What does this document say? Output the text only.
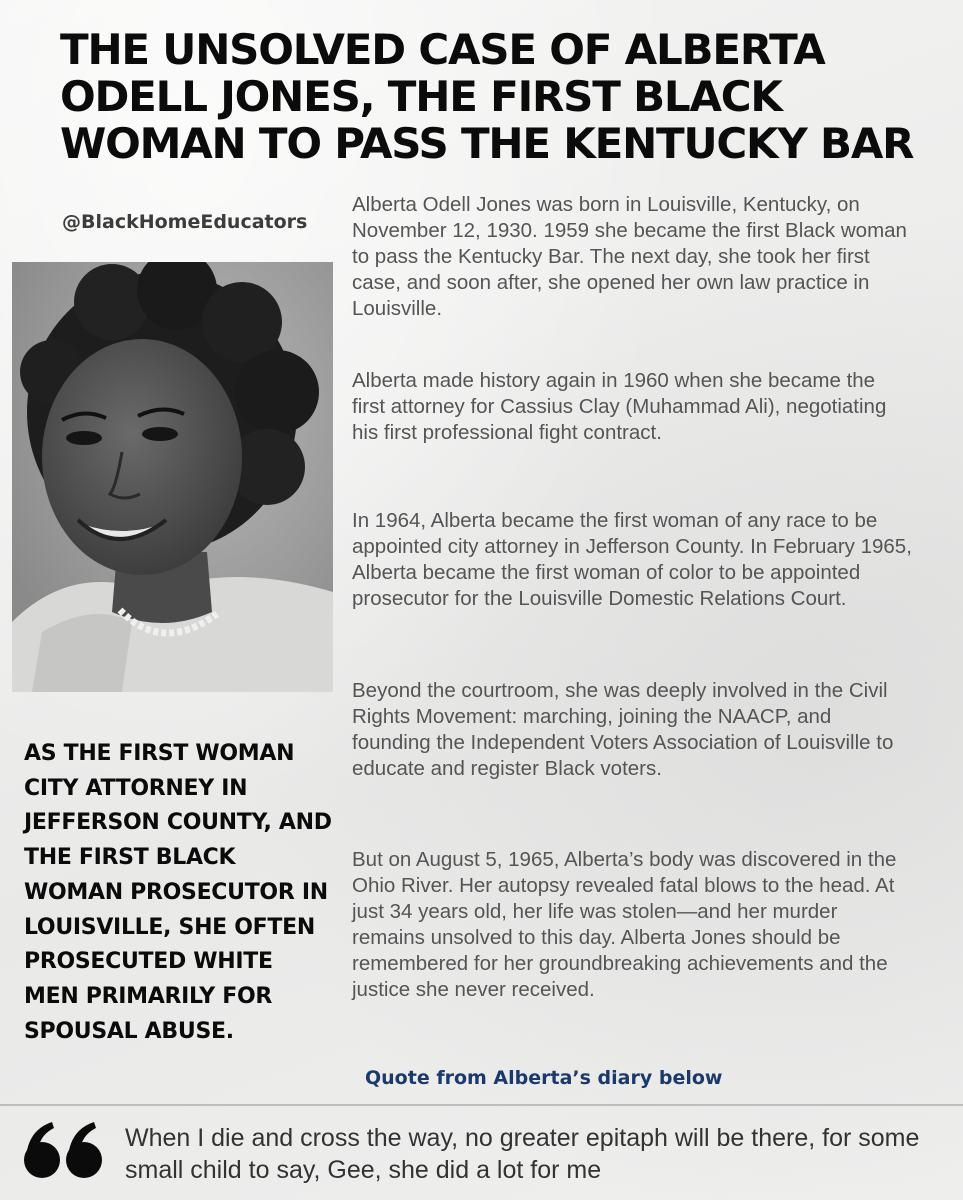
THE UNSOLVED CASE OF ALBERTA ODELL JONES, THE FIRST BLACK WOMAN TO PASS THE KENTUCKY BAR
@BlackHomeEducators

AS THE FIRST WOMAN CITY ATTORNEY IN JEFFERSON COUNTY, AND THE FIRST BLACK WOMAN PROSECUTOR IN LOUISVILLE, SHE OFTEN PROSECUTED WHITE MEN PRIMARILY FOR SPOUSAL ABUSE.

Alberta Odell Jones was born in Louisville, Kentucky, on November 12, 1930. 1959 she became the first Black woman to pass the Kentucky Bar. The next day, she took her first case, and soon after, she opened her own law practice in Louisville.

Alberta made history again in 1960 when she became the first attorney for Cassius Clay (Muhammad Ali), negotiating his first professional fight contract.

In 1964, Alberta became the first woman of any race to be appointed city attorney in Jefferson County. In February 1965, Alberta became the first woman of color to be appointed prosecutor for the Louisville Domestic Relations Court.

Beyond the courtroom, she was deeply involved in the Civil Rights Movement: marching, joining the NAACP, and founding the Independent Voters Association of Louisville to educate and register Black voters.

But on August 5, 1965, Alberta’s body was discovered in the Ohio River. Her autopsy revealed fatal blows to the head. At just 34 years old, her life was stolen—and her murder remains unsolved to this day. Alberta Jones should be remembered for her groundbreaking achievements and the justice she never received.

Quote from Alberta’s diary below

When I die and cross the way, no greater epitaph will be there, for some small child to say, Gee, she did a lot for me
